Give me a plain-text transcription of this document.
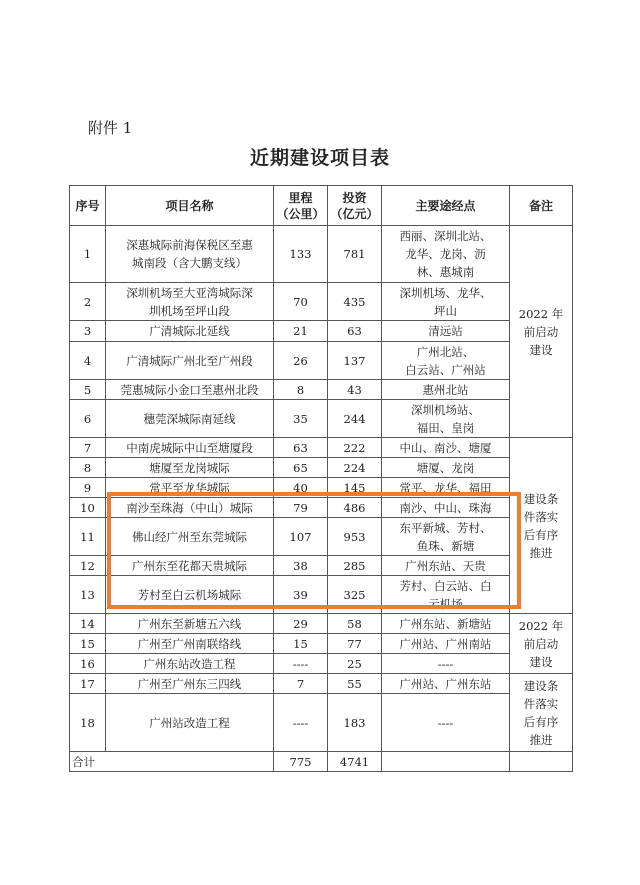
附件 1
近期建设项目表
序号	项目名称	里程
（公里）	投资
（亿元）	主要途经点	备注
1	深惠城际前海保税区至惠
城南段（含大鹏支线）	133	781	西丽、深圳北站、
龙华、龙岗、沥
林、惠城南	2022 年
前启动
建设
2	深圳机场至大亚湾城际深
圳机场至坪山段	70	435	深圳机场、龙华、
坪山	
3	广清城际北延线	21	63	清远站	
4	广清城际广州北至广州段	26	137	广州北站、
白云站、广州站	
5	莞惠城际小金口至惠州北段	8	43	惠州北站	
6	穗莞深城际南延线	35	244	深圳机场站、
福田、皇岗	
7	中南虎城际中山至塘厦段	63	222	中山、南沙、塘厦	建设条
件落实
后有序
推进
8	塘厦至龙岗城际	65	224	塘厦、龙岗	
9	常平至龙华城际	40	145	常平、龙华、福田	
10	南沙至珠海（中山）城际	79	486	南沙、中山、珠海	
11	佛山经广州至东莞城际	107	953	东平新城、芳村、
鱼珠、新塘	
12	广州东至花都天贵城际	38	285	广州东站、天贵	
13	芳村至白云机场城际	39	325	芳村、白云站、白
云机场	
14	广州东至新塘五六线	29	58	广州东站、新塘站	2022 年
前启动
建设
15	广州至广州南联络线	15	77	广州站、广州南站	
16	广州东站改造工程	----	25	----	
17	广州至广州东三四线	7	55	广州站、广州东站	建设条
件落实
后有序
推进
18	广州站改造工程	----	183	----	
合计		775	4741		
